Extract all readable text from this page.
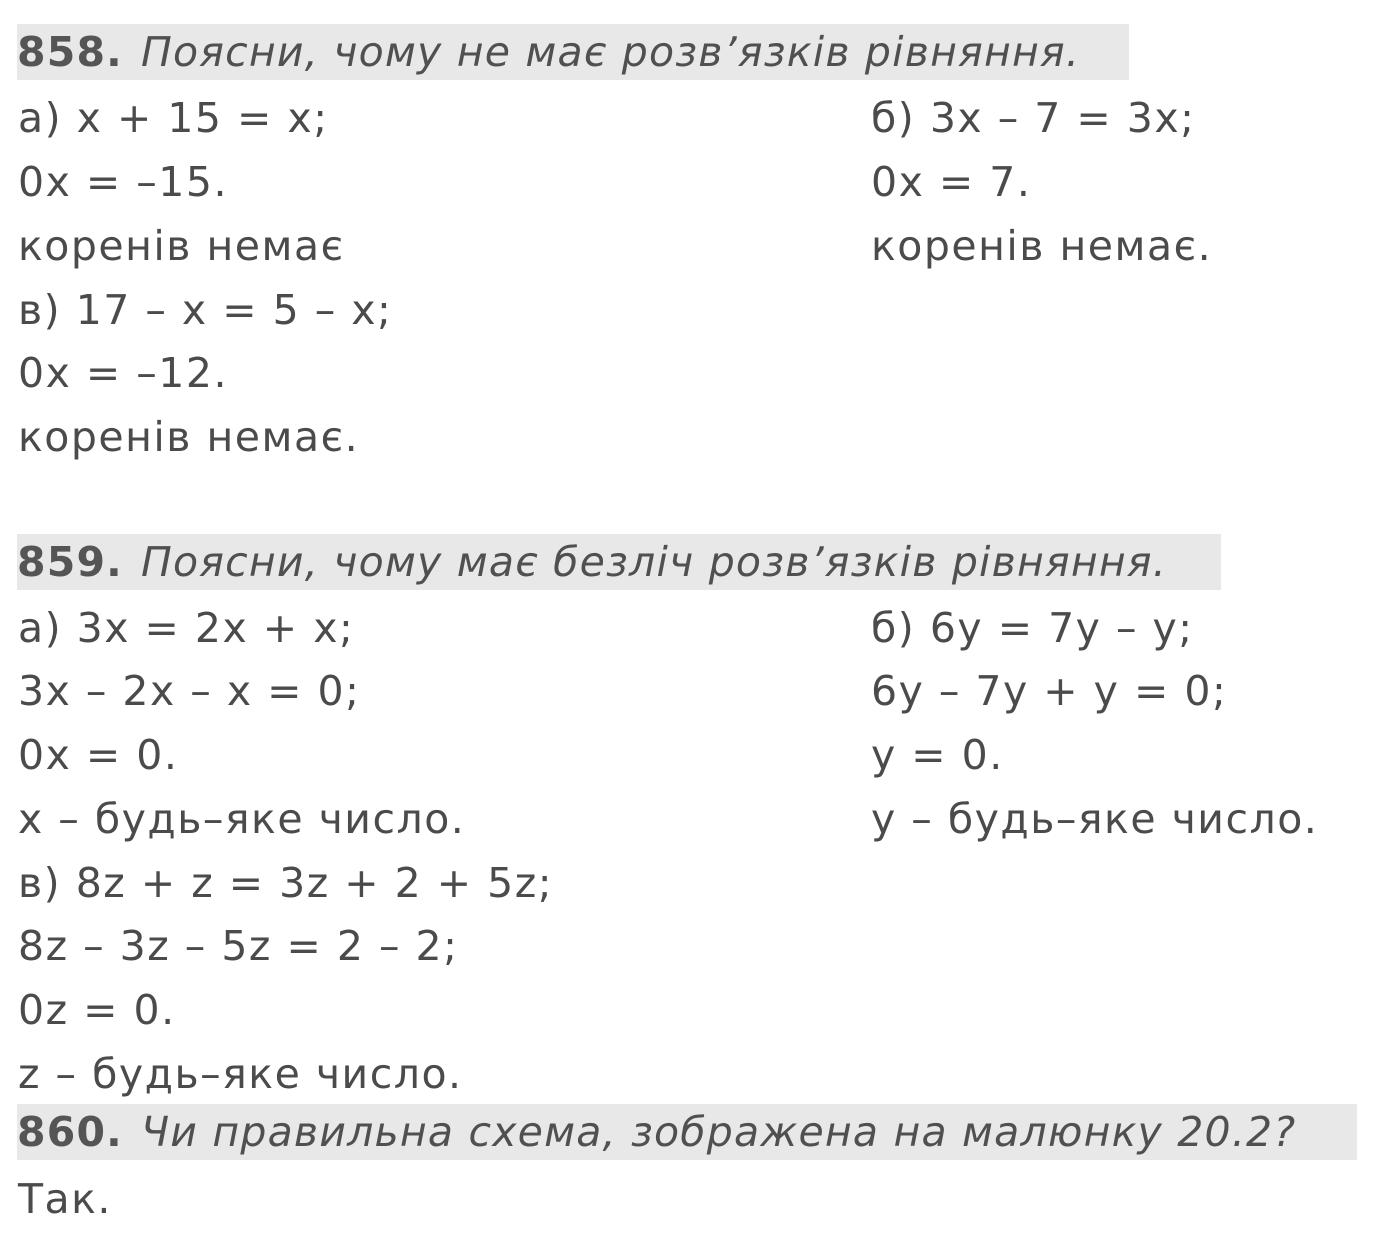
858. Поясни, чому не має розв’язків рівняння.
а) x + 15 = x;
0x = –15.
коренів немає
б) 3x – 7 = 3x;
0x = 7.
коренів немає.
в) 17 – x = 5 – x;
0x = –12.
коренів немає.
859. Поясни, чому має безліч розв’язків рівняння.
а) 3x = 2x + x;
3x – 2x – x = 0;
0x = 0.
x – будь–яке число.
б) 6y = 7y – y;
6y – 7y + y = 0;
y = 0.
y – будь–яке число.
в) 8z + z = 3z + 2 + 5z;
8z – 3z – 5z = 2 – 2;
0z = 0.
z – будь–яке число.
860. Чи правильна схема, зображена на малюнку 20.2?
Так.
